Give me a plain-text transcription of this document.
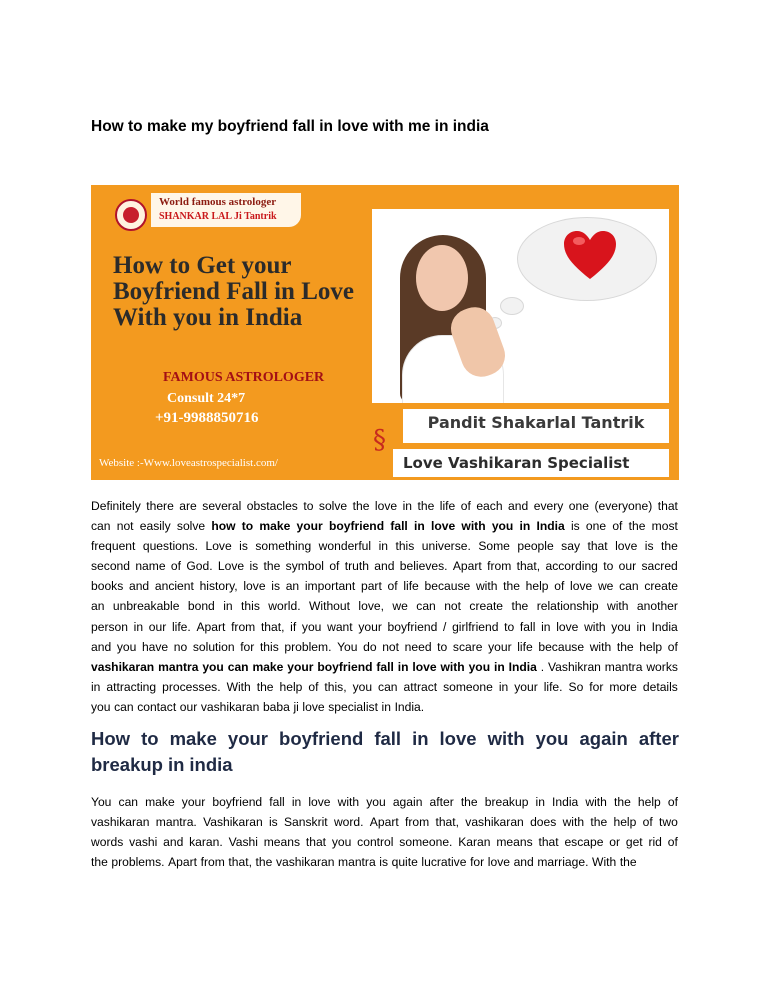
How to make my boyfriend fall in love with me in india
World famous astrologer
SHANKAR LAL Ji Tantrik
How to Get your
Boyfriend Fall in Love
With you in India
FAMOUS ASTROLOGER
Consult 24*7
+91-9988850716
Website :-Www.loveastrospecialist.com/
§
Pandit Shakarlal Tantrik
Love Vashikaran Specialist
Definitely there are several obstacles to solve the love in the life of each and every one (everyone) that
can not easily solve how to make your boyfriend fall in love with you in India is one of the most
frequent questions. Love is something wonderful in this universe. Some people say that love is the
second name of God. Love is the symbol of truth and believes. Apart from that, according to our sacred
books and ancient history, love is an important part of life because with the help of love we can create
an unbreakable bond in this world. Without love, we can not create the relationship with another
person in our life. Apart from that, if you want your boyfriend / girlfriend to fall in love with you in India
and you have no solution for this problem. You do not need to scare your life because with the help of
vashikaran mantra you can make your boyfriend fall in love with you in India . Vashikran mantra works
in attracting processes. With the help of this, you can attract someone in your life. So for more details
you can contact our vashikaran baba ji love specialist in India.
How to make your boyfriend fall in love with you again after
breakup in india
You can make your boyfriend fall in love with you again after the breakup in India with the help of
vashikaran mantra. Vashikaran is Sanskrit word. Apart from that, vashikaran does with the help of two
words vashi and karan. Vashi means that you control someone. Karan means that escape or get rid of
the problems. Apart from that, the vashikaran mantra is quite lucrative for love and marriage. With the
